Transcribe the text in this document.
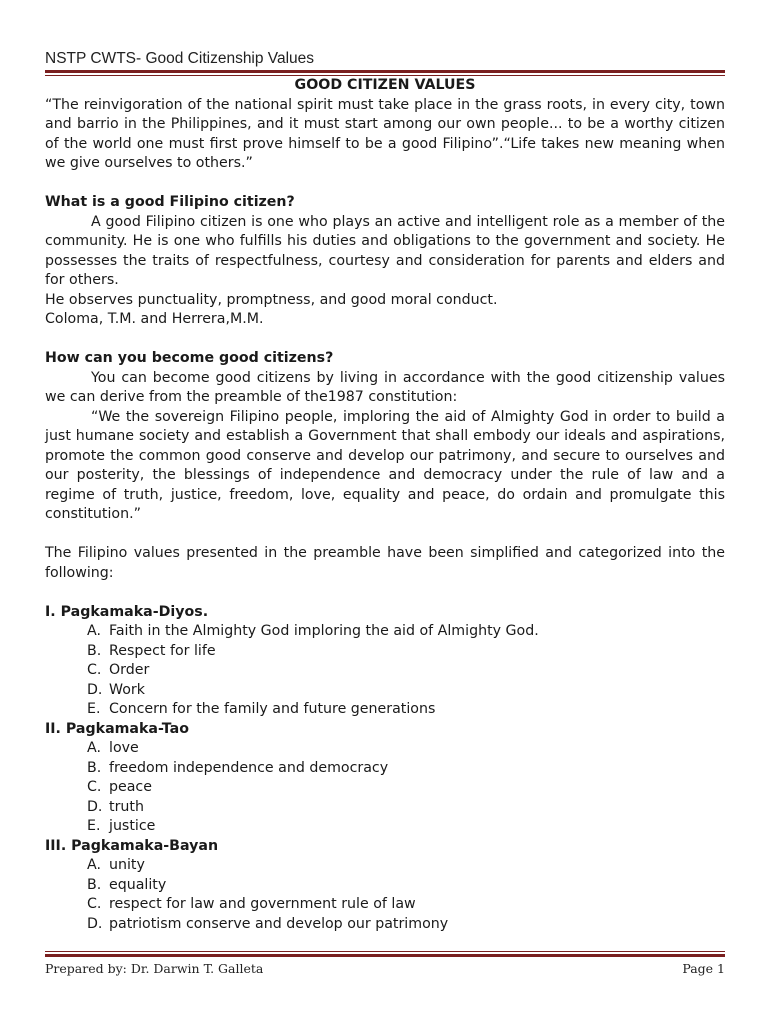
NSTP CWTS- Good Citizenship Values

GOOD CITIZEN VALUES

“The reinvigoration of the national spirit must take place in the grass roots, in every city, town and barrio in the Philippines, and it must start among our own people... to be a worthy citizen of the world one must first prove himself to be a good Filipino”.“Life takes new meaning when we give ourselves to others.”

What is a good Filipino citizen?

A good Filipino citizen is one who plays an active and intelligent role as a member of the community. He is one who fulfills his duties and obligations to the government and society. He possesses the traits of respectfulness, courtesy and consideration for parents and elders and for others.

He observes punctuality, promptness, and good moral conduct.

Coloma, T.M. and Herrera,M.M.

How can you become good citizens?

You can become good citizens by living in accordance with the good citizenship values we can derive from the preamble of the1987 constitution:

“We the sovereign Filipino people, imploring the aid of Almighty God in order to build a just humane society and establish a Government that shall embody our ideals and aspirations, promote the common good conserve and develop our patrimony, and secure to ourselves and our posterity, the blessings of independence and democracy under the rule of law and a regime of truth, justice, freedom, love, equality and peace, do ordain and promulgate this constitution.”

The Filipino values presented in the preamble have been simplified and categorized into the following:

I. Pagkamaka-Diyos.

A. Faith in the Almighty God imploring the aid of Almighty God.
B. Respect for life
C. Order
D. Work
E. Concern for the family and future generations

II. Pagkamaka-Tao

A. love
B. freedom independence and democracy
C. peace
D. truth
E. justice

III. Pagkamaka-Bayan

A. unity
B. equality
C. respect for law and government rule of law
D. patriotism conserve and develop our patrimony
Prepared by: Dr. Darwin T. Galleta	Page 1
